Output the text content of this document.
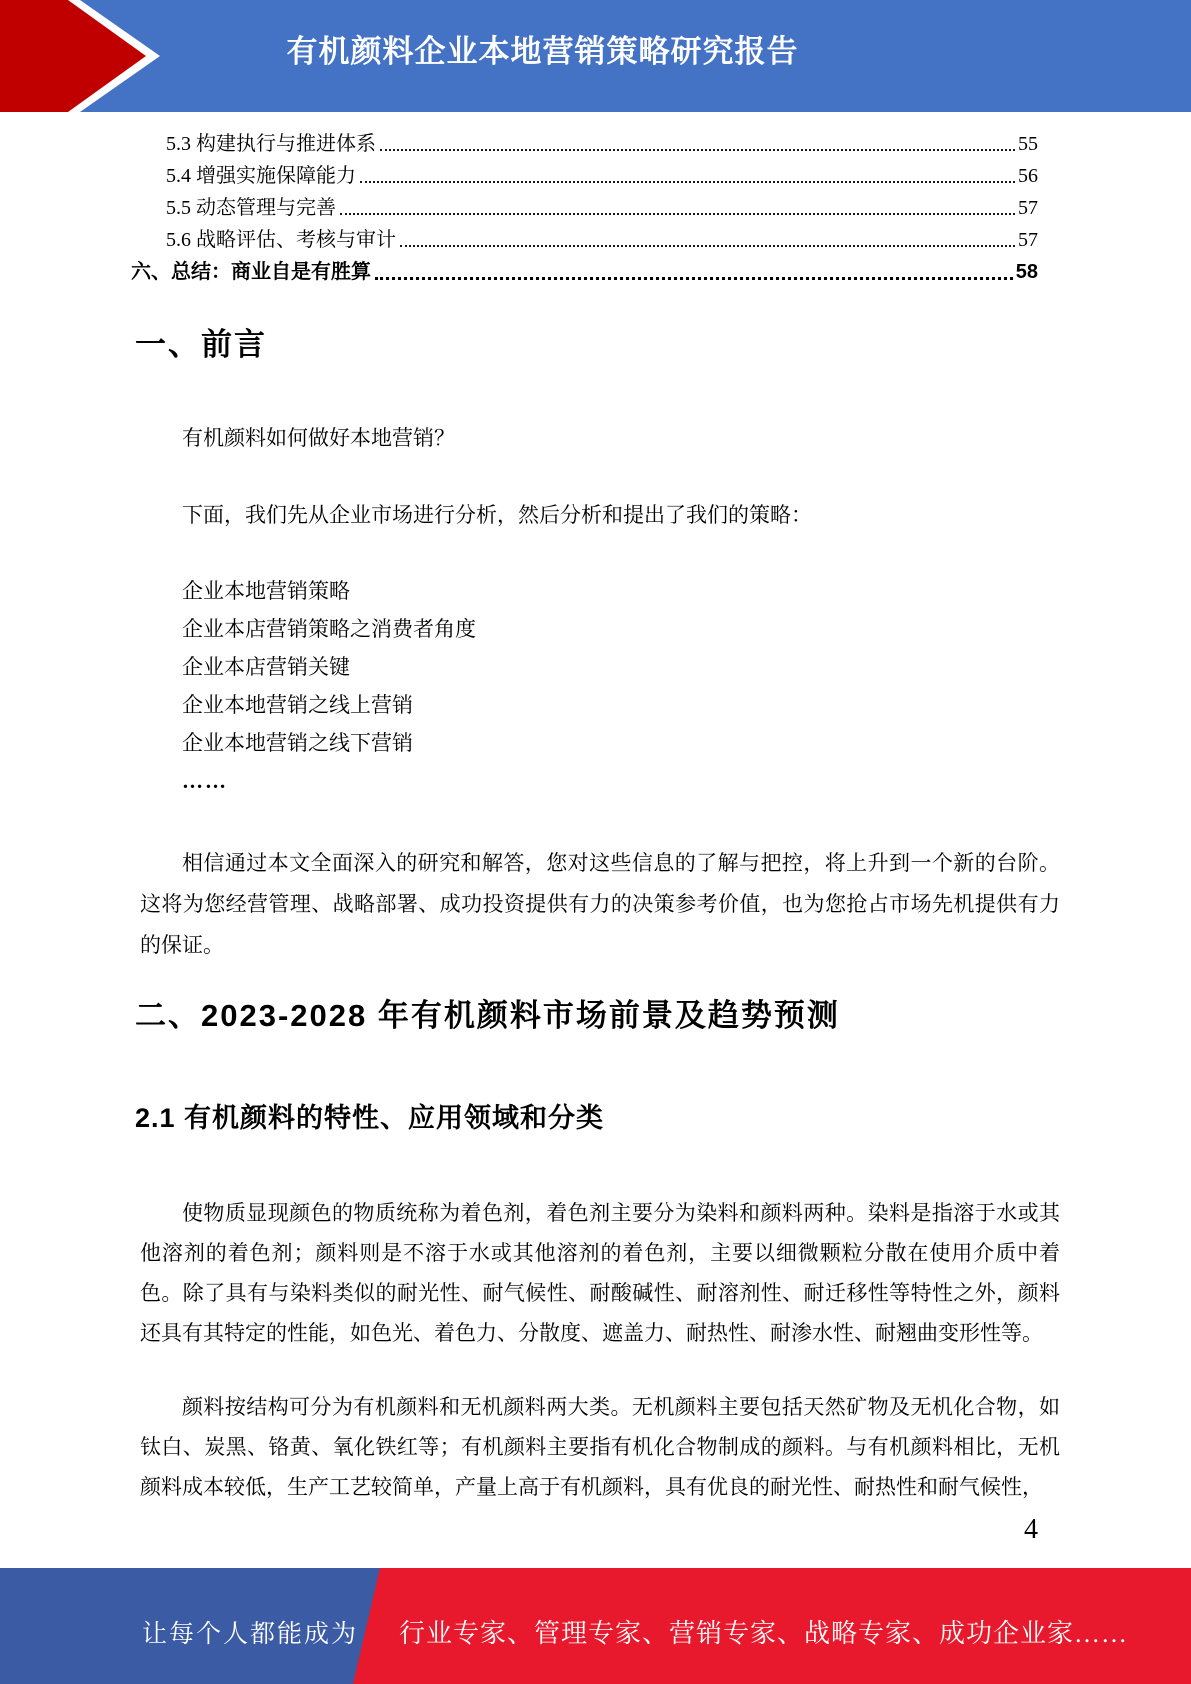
有机颜料企业本地营销策略研究报告
5.3 构建执行与推进体系	55
5.4 增强实施保障能力	56
5.5 动态管理与完善	57
5.6 战略评估、考核与审计	57
六、总结：商业自是有胜算	58
一、前言
有机颜料如何做好本地营销？
下面，我们先从企业市场进行分析，然后分析和提出了我们的策略：
企业本地营销策略
企业本店营销策略之消费者角度
企业本店营销关键
企业本地营销之线上营销
企业本地营销之线下营销
……
相信通过本文全面深入的研究和解答，您对这些信息的了解与把控，将上升到一个新的台阶。这将为您经营管理、战略部署、成功投资提供有力的决策参考价值，也为您抢占市场先机提供有力的保证。
二、2023-2028 年有机颜料市场前景及趋势预测
2.1 有机颜料的特性、应用领域和分类
使物质显现颜色的物质统称为着色剂，着色剂主要分为染料和颜料两种。染料是指溶于水或其他溶剂的着色剂；颜料则是不溶于水或其他溶剂的着色剂，主要以细微颗粒分散在使用介质中着色。除了具有与染料类似的耐光性、耐气候性、耐酸碱性、耐溶剂性、耐迁移性等特性之外，颜料还具有其特定的性能，如色光、着色力、分散度、遮盖力、耐热性、耐渗水性、耐翘曲变形性等。
颜料按结构可分为有机颜料和无机颜料两大类。无机颜料主要包括天然矿物及无机化合物，如钛白、炭黑、铬黄、氧化铁红等；有机颜料主要指有机化合物制成的颜料。与有机颜料相比，无机颜料成本较低，生产工艺较简单，产量上高于有机颜料，具有优良的耐光性、耐热性和耐气候性，
4
让每个人都能成为 行业专家、管理专家、营销专家、战略专家、成功企业家……
